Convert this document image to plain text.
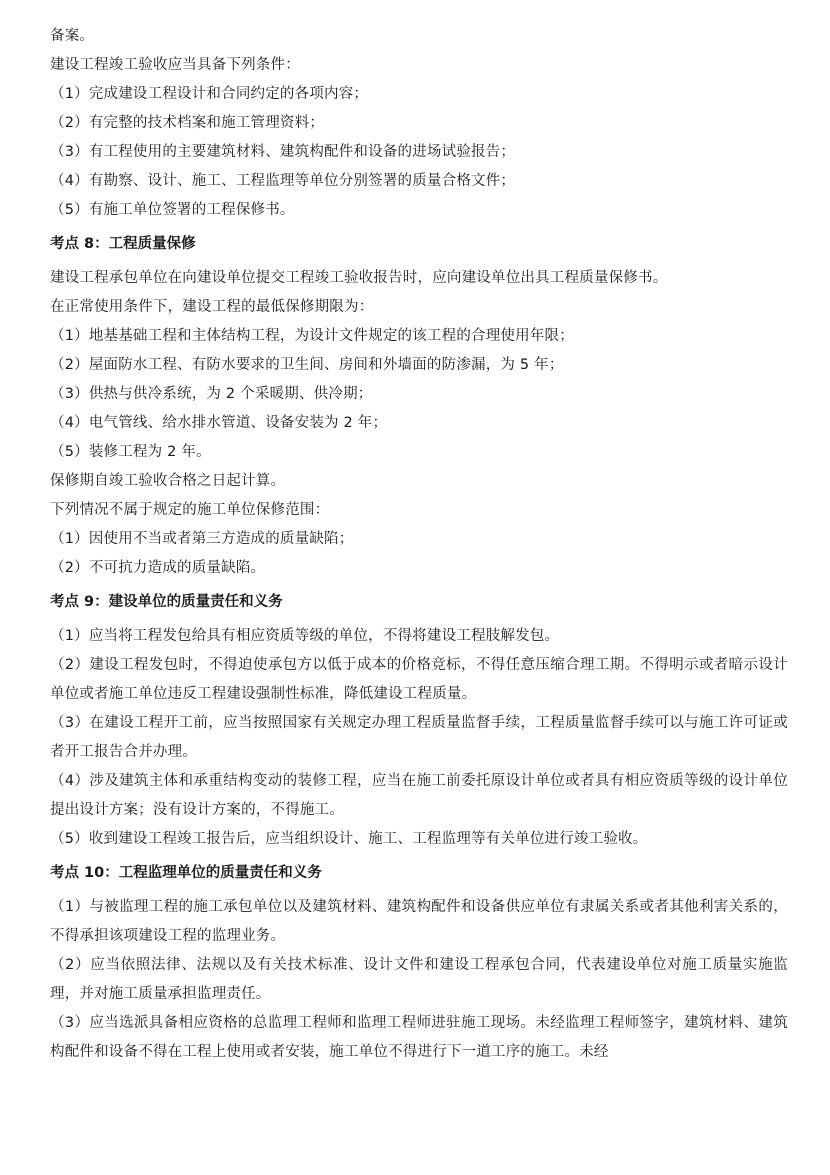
备案。
建设工程竣工验收应当具备下列条件：
（1）完成建设工程设计和合同约定的各项内容；
（2）有完整的技术档案和施工管理资料；
（3）有工程使用的主要建筑材料、建筑构配件和设备的进场试验报告；
（4）有勘察、设计、施工、工程监理等单位分别签署的质量合格文件；
（5）有施工单位签署的工程保修书。
考点 8：工程质量保修
建设工程承包单位在向建设单位提交工程竣工验收报告时，应向建设单位出具工程质量保修书。
在正常使用条件下，建设工程的最低保修期限为：
（1）地基基础工程和主体结构工程，为设计文件规定的该工程的合理使用年限；
（2）屋面防水工程、有防水要求的卫生间、房间和外墙面的防渗漏，为 5 年；
（3）供热与供冷系统，为 2 个采暖期、供冷期；
（4）电气管线、给水排水管道、设备安装为 2 年；
（5）装修工程为 2 年。
保修期自竣工验收合格之日起计算。
下列情况不属于规定的施工单位保修范围：
（1）因使用不当或者第三方造成的质量缺陷；
（2）不可抗力造成的质量缺陷。
考点 9：建设单位的质量责任和义务
（1）应当将工程发包给具有相应资质等级的单位，不得将建设工程肢解发包。
（2）建设工程发包时，不得迫使承包方以低于成本的价格竞标，不得任意压缩合理工期。不得明示或者暗示设计单位或者施工单位违反工程建设强制性标准，降低建设工程质量。
（3）在建设工程开工前，应当按照国家有关规定办理工程质量监督手续，工程质量监督手续可以与施工许可证或者开工报告合并办理。
（4）涉及建筑主体和承重结构变动的装修工程，应当在施工前委托原设计单位或者具有相应资质等级的设计单位提出设计方案；没有设计方案的，不得施工。
（5）收到建设工程竣工报告后，应当组织设计、施工、工程监理等有关单位进行竣工验收。
考点 10：工程监理单位的质量责任和义务
（1）与被监理工程的施工承包单位以及建筑材料、建筑构配件和设备供应单位有隶属关系或者其他利害关系的，不得承担该项建设工程的监理业务。
（2）应当依照法律、法规以及有关技术标准、设计文件和建设工程承包合同，代表建设单位对施工质量实施监理，并对施工质量承担监理责任。
（3）应当选派具备相应资格的总监理工程师和监理工程师进驻施工现场。未经监理工程师签字，建筑材料、建筑构配件和设备不得在工程上使用或者安装，施工单位不得进行下一道工序的施工。未经
